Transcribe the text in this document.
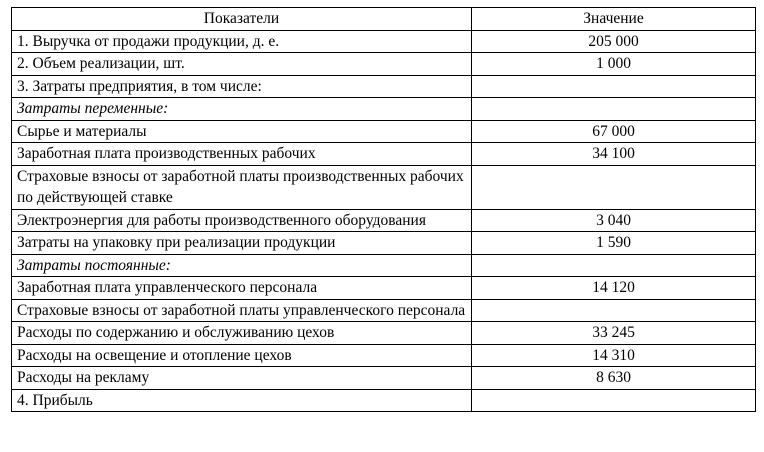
Показатели	Значение
1. Выручка от продажи продукции, д. е.	205 000
2. Объем реализации, шт.	1 000
3. Затраты предприятия, в том числе:	
Затраты переменные:	
Сырье и материалы	67 000
Заработная плата производственных рабочих	34 100
Страховые взносы от заработной платы производственных рабочих по действующей ставке	
Электроэнергия для работы производственного оборудования	3 040
Затраты на упаковку при реализации продукции	1 590
Затраты постоянные:	
Заработная плата управленческого персонала	14 120
Страховые взносы от заработной платы управленческого персонала	
Расходы по содержанию и обслуживанию цехов	33 245
Расходы на освещение и отопление цехов	14 310
Расходы на рекламу	8 630
4. Прибыль	
